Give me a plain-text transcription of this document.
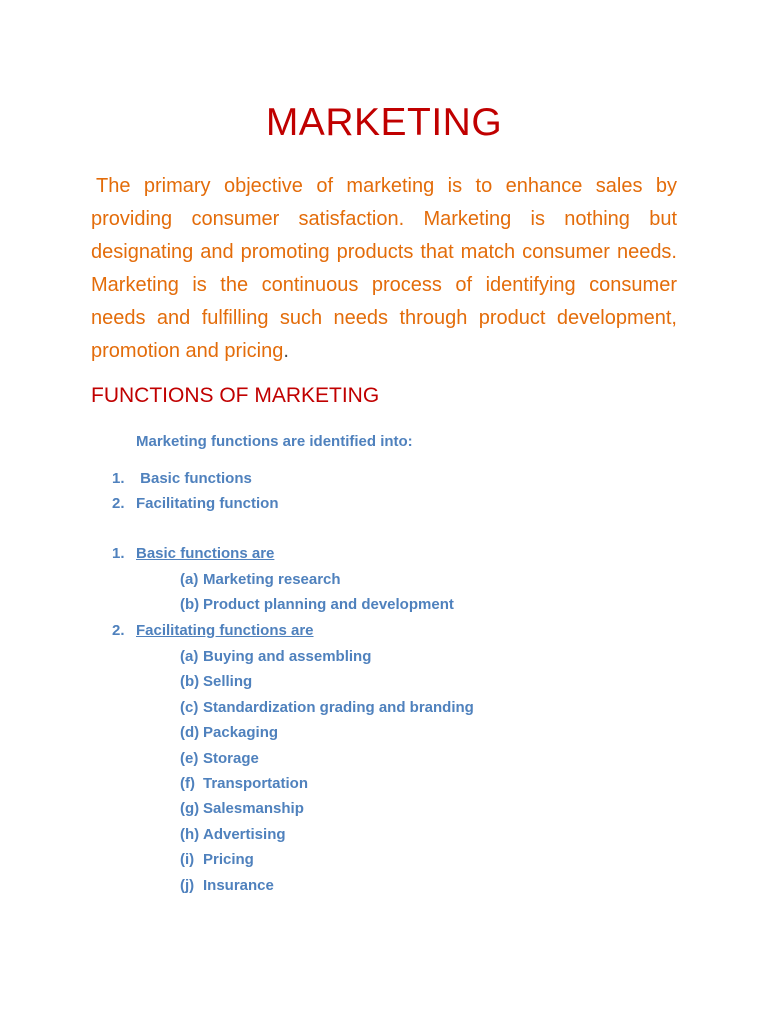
MARKETING

The primary objective of marketing is to enhance sales by providing consumer satisfaction. Marketing is nothing but designating and promoting products that match consumer needs. Marketing is the continuous process of identifying consumer needs and fulfilling such needs through product development, promotion and pricing.

FUNCTIONS OF MARKETING
Marketing functions are identified into:
1. Basic functions
2. Facilitating function
1. Basic functions are
(a) Marketing research
(b) Product planning and development
2. Facilitating functions are
(a) Buying and assembling
(b) Selling
(c) Standardization grading and branding
(d) Packaging
(e) Storage
(f) Transportation
(g) Salesmanship
(h) Advertising
(i) Pricing
(j) Insurance
